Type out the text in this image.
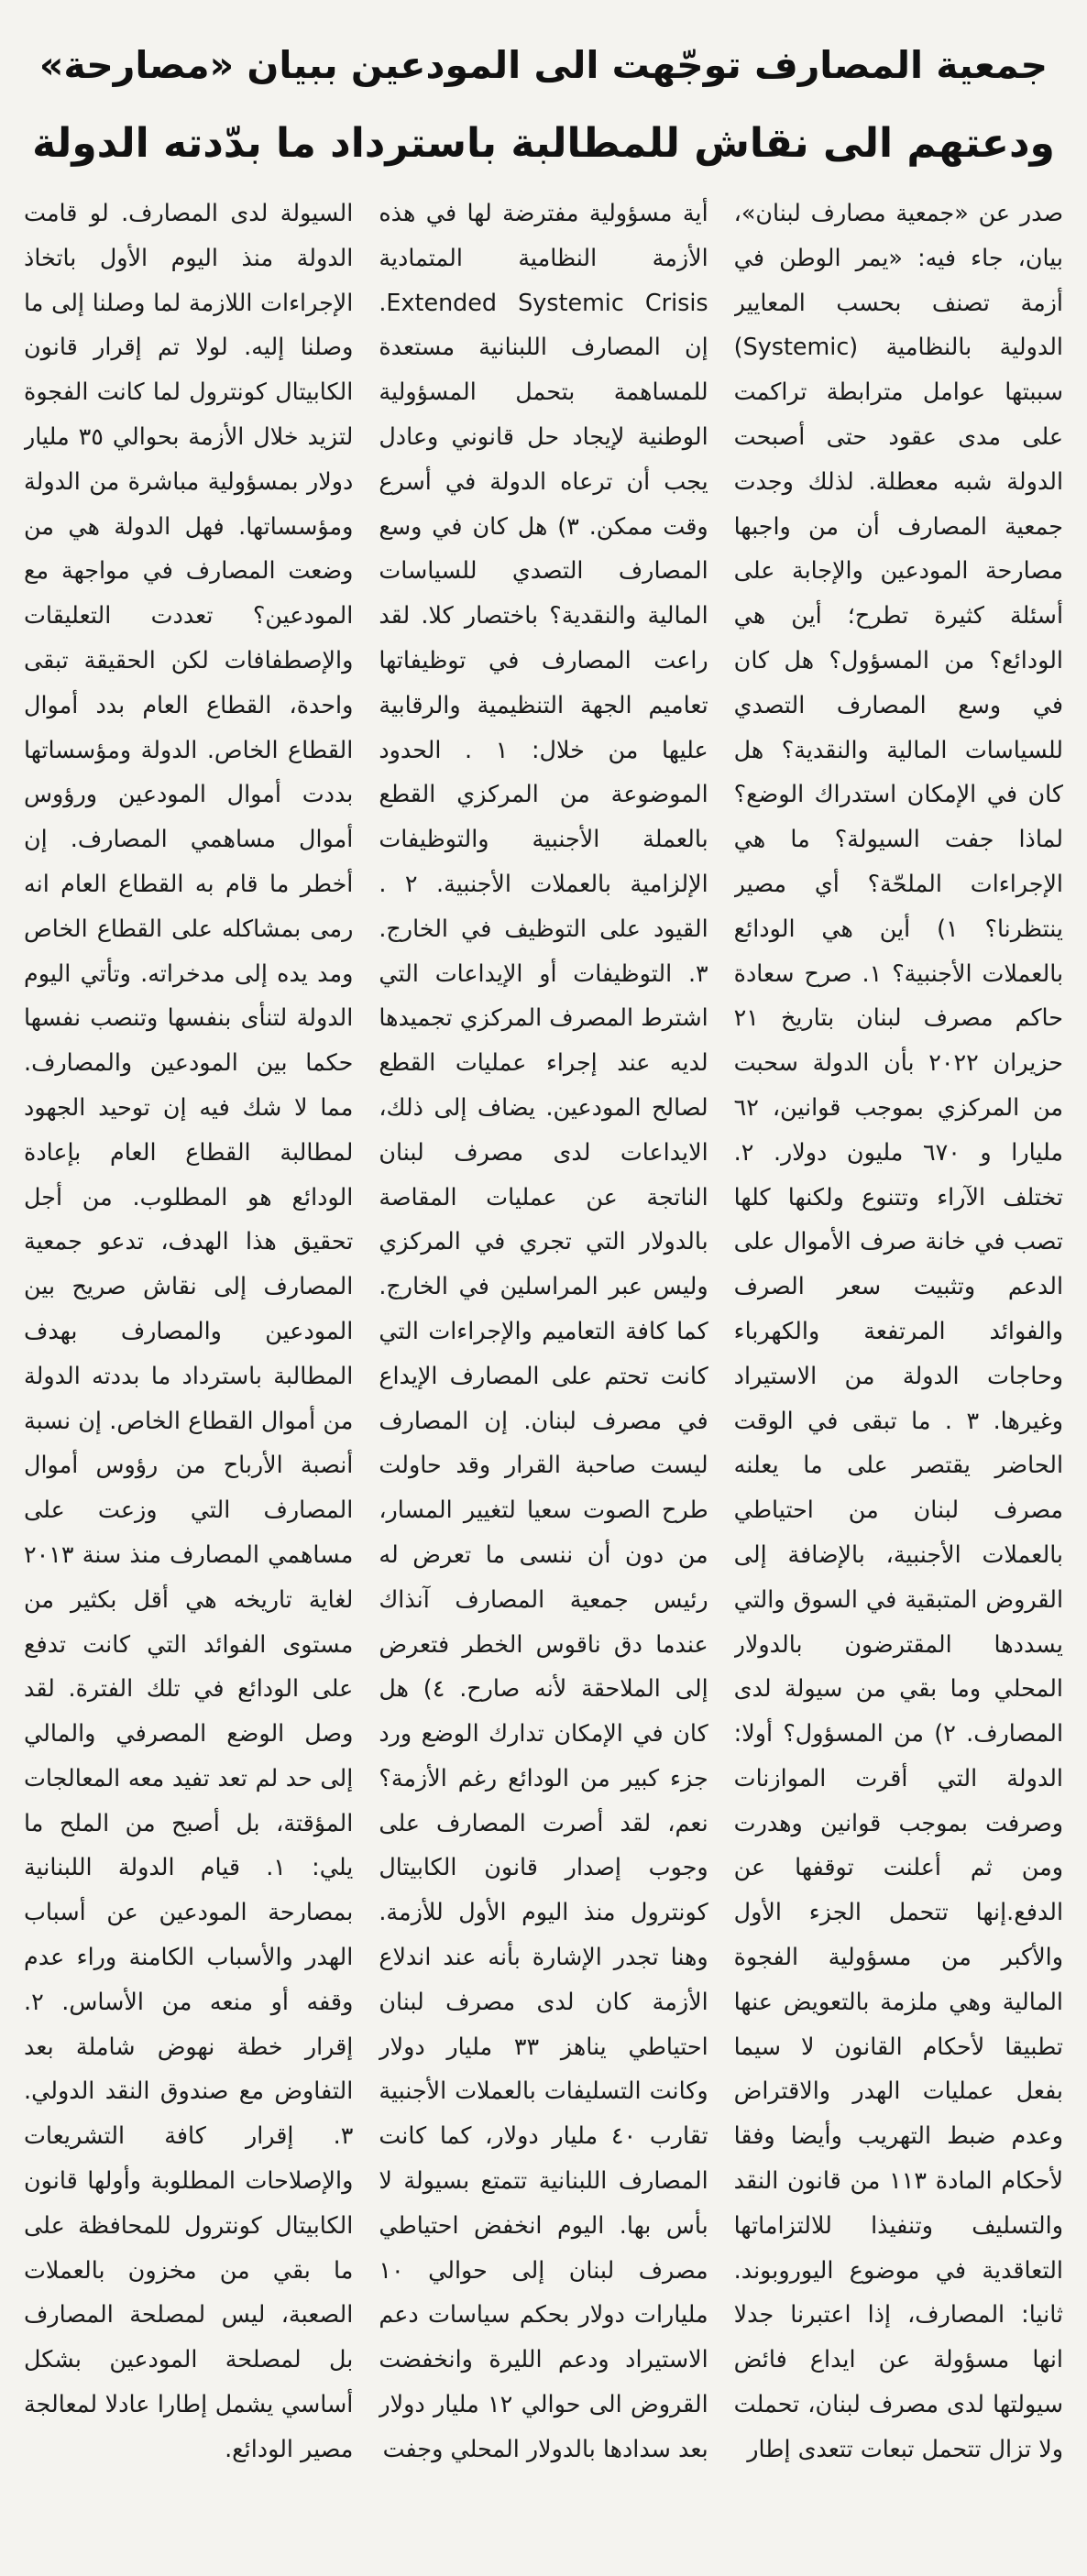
جمعية المصارف توجّهت الى المودعين ببيان «مصارحة»
ودعتهم الى نقاش للمطالبة باسترداد ما بدّدته الدولة

صدر عن «جمعية مصارف لبنان»، بيان، جاء فيه: «يمر الوطن في أزمة تصنف بحسب المعايير الدولية بالنظامية (Systemic) سببتها عوامل مترابطة تراكمت على مدى عقود حتى أصبحت الدولة شبه معطلة. لذلك وجدت جمعية المصارف أن من واجبها مصارحة المودعين والإجابة على أسئلة كثيرة تطرح؛ أين هي الودائع؟ من المسؤول؟ هل كان في وسع المصارف التصدي للسياسات المالية والنقدية؟ هل كان في الإمكان استدراك الوضع؟ لماذا جفت السيولة؟ ما هي الإجراءات الملحّة؟ أي مصير ينتظرنا؟ ١) أين هي الودائع بالعملات الأجنبية؟ ١. صرح سعادة حاكم مصرف لبنان بتاريخ ٢١ حزيران ٢٠٢٢ بأن الدولة سحبت من المركزي بموجب قوانين، ٦٢ مليارا و ٦٧٠ مليون دولار. ٢. تختلف الآراء وتتنوع ولكنها كلها تصب في خانة صرف الأموال على الدعم وتثبيت سعر الصرف والفوائد المرتفعة والكهرباء وحاجات الدولة من الاستيراد وغيرها. ٣ . ما تبقى في الوقت الحاضر يقتصر على ما يعلنه مصرف لبنان من احتياطي بالعملات الأجنبية، بالإضافة إلى القروض المتبقية في السوق والتي يسددها المقترضون بالدولار المحلي وما بقي من سيولة لدى المصارف. ٢) من المسؤول؟ أولا: الدولة التي أقرت الموازنات وصرفت بموجب قوانين وهدرت ومن ثم أعلنت توقفها عن الدفع.إنها تتحمل الجزء الأول والأكبر من مسؤولية الفجوة المالية وهي ملزمة بالتعويض عنها تطبيقا لأحكام القانون لا سيما بفعل عمليات الهدر والاقتراض وعدم ضبط التهريب وأيضا وفقا لأحكام المادة ١١٣ من قانون النقد والتسليف وتنفيذا للالتزاماتها التعاقدية في موضوع اليوروبوند. ثانيا: المصارف، إذا اعتبرنا جدلا انها مسؤولة عن ايداع فائض سيولتها لدى مصرف لبنان، تحملت ولا تزال تتحمل تبعات تتعدى إطار

أية مسؤولية مفترضة لها في هذه الأزمة النظامية المتمادية Extended Systemic Crisis. إن المصارف اللبنانية مستعدة للمساهمة بتحمل المسؤولية الوطنية لإيجاد حل قانوني وعادل يجب أن ترعاه الدولة في أسرع وقت ممكن. ٣) هل كان في وسع المصارف التصدي للسياسات المالية والنقدية؟ باختصار كلا. لقد راعت المصارف في توظيفاتها تعاميم الجهة التنظيمية والرقابية عليها من خلال: ١ . الحدود الموضوعة من المركزي القطع بالعملة الأجنبية والتوظيفات الإلزامية بالعملات الأجنبية. ٢ . القيود على التوظيف في الخارج. ٣. التوظيفات أو الإيداعات التي اشترط المصرف المركزي تجميدها لديه عند إجراء عمليات القطع لصالح المودعين. يضاف إلى ذلك، الايداعات لدى مصرف لبنان الناتجة عن عمليات المقاصة بالدولار التي تجري في المركزي وليس عبر المراسلين في الخارج. كما كافة التعاميم والإجراءات التي كانت تحتم على المصارف الإيداع في مصرف لبنان. إن المصارف ليست صاحبة القرار وقد حاولت طرح الصوت سعيا لتغيير المسار، من دون أن ننسى ما تعرض له رئيس جمعية المصارف آنذاك عندما دق ناقوس الخطر فتعرض إلى الملاحقة لأنه صارح. ٤) هل كان في الإمكان تدارك الوضع ورد جزء كبير من الودائع رغم الأزمة؟ نعم، لقد أصرت المصارف على وجوب إصدار قانون الكابيتال كونترول منذ اليوم الأول للأزمة. وهنا تجدر الإشارة بأنه عند اندلاع الأزمة كان لدى مصرف لبنان احتياطي يناهز ٣٣ مليار دولار وكانت التسليفات بالعملات الأجنبية تقارب ٤٠ مليار دولار، كما كانت المصارف اللبنانية تتمتع بسيولة لا بأس بها. اليوم انخفض احتياطي مصرف لبنان إلى حوالي ١٠ مليارات دولار بحكم سياسات دعم الاستيراد ودعم الليرة وانخفضت القروض الى حوالي ١٢ مليار دولار بعد سدادها بالدولار المحلي وجفت

السيولة لدى المصارف. لو قامت الدولة منذ اليوم الأول باتخاذ الإجراءات اللازمة لما وصلنا إلى ما وصلنا إليه. لولا تم إقرار قانون الكابيتال كونترول لما كانت الفجوة لتزيد خلال الأزمة بحوالي ٣٥ مليار دولار بمسؤولية مباشرة من الدولة ومؤسساتها. فهل الدولة هي من وضعت المصارف في مواجهة مع المودعين؟ تعددت التعليقات والإصطفافات لكن الحقيقة تبقى واحدة، القطاع العام بدد أموال القطاع الخاص. الدولة ومؤسساتها بددت أموال المودعين ورؤوس أموال مساهمي المصارف. إن أخطر ما قام به القطاع العام انه رمى بمشاكله على القطاع الخاص ومد يده إلى مدخراته. وتأتي اليوم الدولة لتنأى بنفسها وتنصب نفسها حكما بين المودعين والمصارف. مما لا شك فيه إن توحيد الجهود لمطالبة القطاع العام بإعادة الودائع هو المطلوب. من أجل تحقيق هذا الهدف، تدعو جمعية المصارف إلى نقاش صريح بين المودعين والمصارف بهدف المطالبة باسترداد ما بددته الدولة من أموال القطاع الخاص. إن نسبة أنصبة الأرباح من رؤوس أموال المصارف التي وزعت على مساهمي المصارف منذ سنة ٢٠١٣ لغاية تاريخه هي أقل بكثير من مستوى الفوائد التي كانت تدفع على الودائع في تلك الفترة. لقد وصل الوضع المصرفي والمالي إلى حد لم تعد تفيد معه المعالجات المؤقتة، بل أصبح من الملح ما يلي: ١. قيام الدولة اللبنانية بمصارحة المودعين عن أسباب الهدر والأسباب الكامنة وراء عدم وقفه أو منعه من الأساس. ٢. إقرار خطة نهوض شاملة بعد التفاوض مع صندوق النقد الدولي. ٣. إقرار كافة التشريعات والإصلاحات المطلوبة وأولها قانون الكابيتال كونترول للمحافظة على ما بقي من مخزون بالعملات الصعبة، ليس لمصلحة المصارف بل لمصلحة المودعين بشكل أساسي يشمل إطارا عادلا لمعالجة مصير الودائع.
